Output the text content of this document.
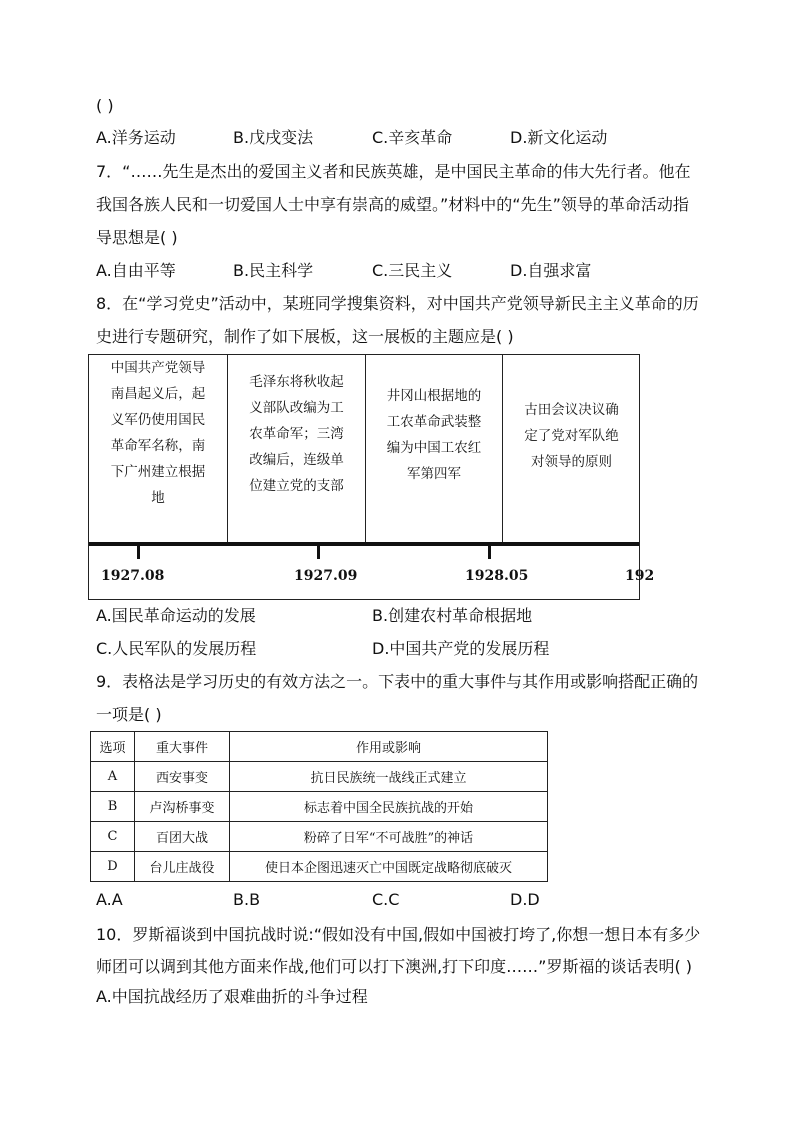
( )
A.洋务运动	B.戊戌变法	C.辛亥革命	D.新文化运动
7．“……先生是杰出的爱国主义者和民族英雄，是中国民主革命的伟大先行者。他在
我国各族人民和一切爱国人士中享有崇高的威望。”材料中的“先生”领导的革命活动指
导思想是( )
A.自由平等	B.民主科学	C.三民主义	D.自强求富
8．在“学习党史”活动中，某班同学搜集资料，对中国共产党领导新民主主义革命的历
史进行专题研究，制作了如下展板，这一展板的主题应是( )
中国共产党领导
南昌起义后，起
义军仍使用国民
革命军名称，南
下广州建立根据
地
毛泽东将秋收起
义部队改编为工
农革命军；三湾
改编后，连级单
位建立党的支部
井冈山根据地的
工农革命武装整
编为中国工农红
军第四军
古田会议决议确
定了党对军队绝
对领导的原则
1927.08	1927.09	1928.05	192
A.国民革命运动的发展	B.创建农村革命根据地
C.人民军队的发展历程	D.中国共产党的发展历程
9．表格法是学习历史的有效方法之一。下表中的重大事件与其作用或影响搭配正确的
一项是( )
选项	重大事件	作用或影响
A	西安事变	抗日民族统一战线正式建立
B	卢沟桥事变	标志着中国全民族抗战的开始
C	百团大战	粉碎了日军“不可战胜”的神话
D	台儿庄战役	使日本企图迅速灭亡中国既定战略彻底破灭
A.A	B.B	C.C	D.D
10．罗斯福谈到中国抗战时说:“假如没有中国,假如中国被打垮了,你想一想日本有多少
师团可以调到其他方面来作战,他们可以打下澳洲,打下印度……”罗斯福的谈话表明( )
A.中国抗战经历了艰难曲折的斗争过程
